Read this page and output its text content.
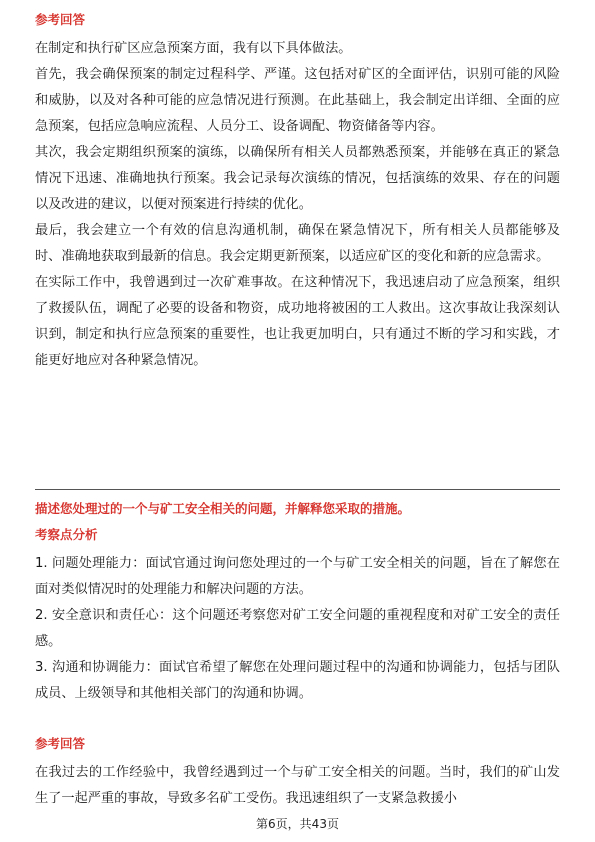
参考回答

在制定和执行矿区应急预案方面，我有以下具体做法。

首先，我会确保预案的制定过程科学、严谨。这包括对矿区的全面评估，识别可能的风险和威胁，以及对各种可能的应急情况进行预测。在此基础上，我会制定出详细、全面的应急预案，包括应急响应流程、人员分工、设备调配、物资储备等内容。

其次，我会定期组织预案的演练，以确保所有相关人员都熟悉预案，并能够在真正的紧急情况下迅速、准确地执行预案。我会记录每次演练的情况，包括演练的效果、存在的问题以及改进的建议，以便对预案进行持续的优化。

最后，我会建立一个有效的信息沟通机制，确保在紧急情况下，所有相关人员都能够及时、准确地获取到最新的信息。我会定期更新预案，以适应矿区的变化和新的应急需求。

在实际工作中，我曾遇到过一次矿难事故。在这种情况下，我迅速启动了应急预案，组织了救援队伍，调配了必要的设备和物资，成功地将被困的工人救出。这次事故让我深刻认识到，制定和执行应急预案的重要性，也让我更加明白，只有通过不断的学习和实践，才能更好地应对各种紧急情况。

描述您处理过的一个与矿工安全相关的问题，并解释您采取的措施。

考察点分析

1. 问题处理能力：面试官通过询问您处理过的一个与矿工安全相关的问题，旨在了解您在面对类似情况时的处理能力和解决问题的方法。

2. 安全意识和责任心：这个问题还考察您对矿工安全问题的重视程度和对矿工安全的责任感。

3. 沟通和协调能力：面试官希望了解您在处理问题过程中的沟通和协调能力，包括与团队成员、上级领导和其他相关部门的沟通和协调。

参考回答

在我过去的工作经验中，我曾经遇到过一个与矿工安全相关的问题。当时，我们的矿山发生了一起严重的事故，导致多名矿工受伤。我迅速组织了一支紧急救援小

第6页，共43页
